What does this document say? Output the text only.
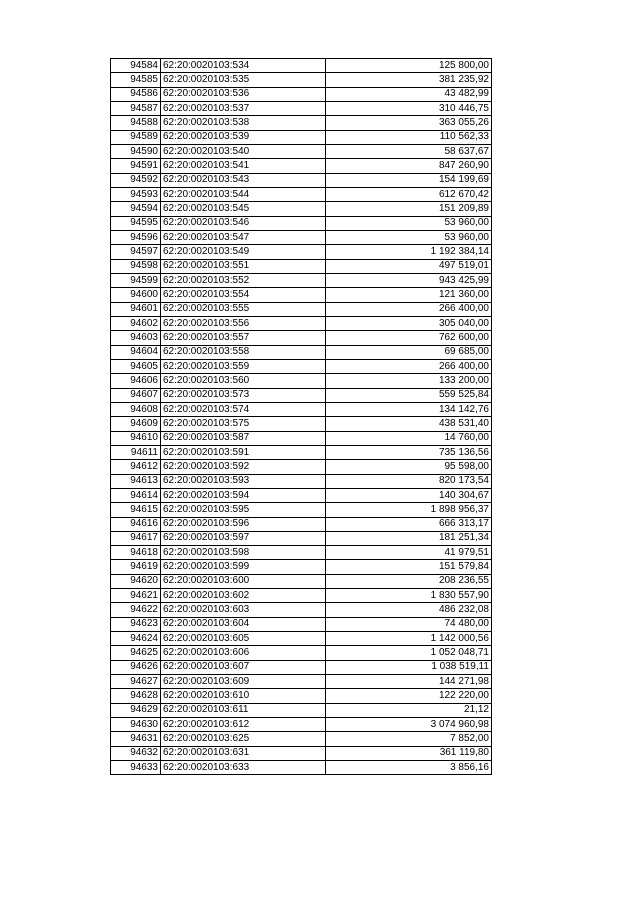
94584	62:20:0020103:534	125 800,00
94585	62:20:0020103:535	381 235,92
94586	62:20:0020103:536	43 482,99
94587	62:20:0020103:537	310 446,75
94588	62:20:0020103:538	363 055,26
94589	62:20:0020103:539	110 562,33
94590	62:20:0020103:540	58 637,67
94591	62:20:0020103:541	847 260,90
94592	62:20:0020103:543	154 199,69
94593	62:20:0020103:544	612 670,42
94594	62:20:0020103:545	151 209,89
94595	62:20:0020103:546	53 960,00
94596	62:20:0020103:547	53 960,00
94597	62:20:0020103:549	1 192 384,14
94598	62:20:0020103:551	497 519,01
94599	62:20:0020103:552	943 425,99
94600	62:20:0020103:554	121 360,00
94601	62:20:0020103:555	266 400,00
94602	62:20:0020103:556	305 040,00
94603	62:20:0020103:557	762 600,00
94604	62:20:0020103:558	69 685,00
94605	62:20:0020103:559	266 400,00
94606	62:20:0020103:560	133 200,00
94607	62:20:0020103:573	559 525,84
94608	62:20:0020103:574	134 142,76
94609	62:20:0020103:575	438 531,40
94610	62:20:0020103:587	14 760,00
94611	62:20:0020103:591	735 136,56
94612	62:20:0020103:592	95 598,00
94613	62:20:0020103:593	820 173,54
94614	62:20:0020103:594	140 304,67
94615	62:20:0020103:595	1 898 956,37
94616	62:20:0020103:596	666 313,17
94617	62:20:0020103:597	181 251,34
94618	62:20:0020103:598	41 979,51
94619	62:20:0020103:599	151 579,84
94620	62:20:0020103:600	208 236,55
94621	62:20:0020103:602	1 830 557,90
94622	62:20:0020103:603	486 232,08
94623	62:20:0020103:604	74 480,00
94624	62:20:0020103:605	1 142 000,56
94625	62:20:0020103:606	1 052 048,71
94626	62:20:0020103:607	1 038 519,11
94627	62:20:0020103:609	144 271,98
94628	62:20:0020103:610	122 220,00
94629	62:20:0020103:611	21,12
94630	62:20:0020103:612	3 074 960,98
94631	62:20:0020103:625	7 852,00
94632	62:20:0020103:631	361 119,80
94633	62:20:0020103:633	3 856,16
